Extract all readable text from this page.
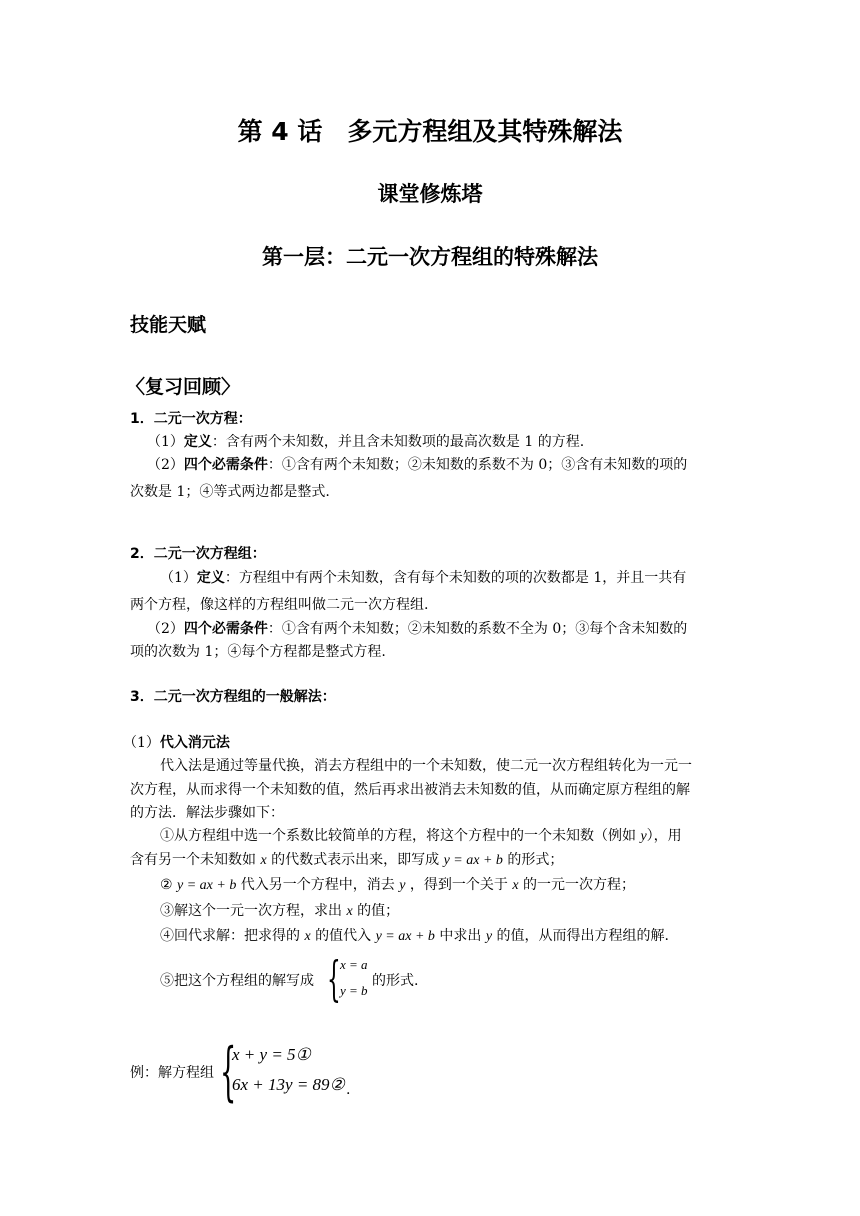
第 4 话　多元方程组及其特殊解法
课堂修炼塔
第一层：二元一次方程组的特殊解法
技能天赋
〈复习回顾〉
1．二元一次方程：
（1）定义：含有两个未知数，并且含未知数项的最高次数是 1 的方程.
（2）四个必需条件：①含有两个未知数；②未知数的系数不为 0；③含有未知数的项的
次数是 1；④等式两边都是整式.
2．二元一次方程组：
（1）定义：方程组中有两个未知数，含有每个未知数的项的次数都是 1，并且一共有
两个方程，像这样的方程组叫做二元一次方程组.
（2）四个必需条件：①含有两个未知数；②未知数的系数不全为 0；③每个含未知数的
项的次数为 1；④每个方程都是整式方程.
3．二元一次方程组的一般解法：
（1）代入消元法
代入法是通过等量代换，消去方程组中的一个未知数，使二元一次方程组转化为一元一
次方程，从而求得一个未知数的值，然后再求出被消去未知数的值，从而确定原方程组的解
的方法．解法步骤如下：
①从方程组中选一个系数比较简单的方程，将这个方程中的一个未知数（例如 y），用
含有另一个未知数如 x 的代数式表示出来，即写成 y = ax + b 的形式；
② y = ax + b 代入另一个方程中，消去 y ，得到一个关于 x 的一元一次方程；
③解这个一元一次方程，求出 x 的值；
④回代求解：把求得的 x 的值代入 y = ax + b 中求出 y 的值，从而得出方程组的解.
⑤把这个方程组的解写成 { x = a
y = b
的形式.
例：解方程组 {
x + y = 5①
6x + 13y = 89② .
